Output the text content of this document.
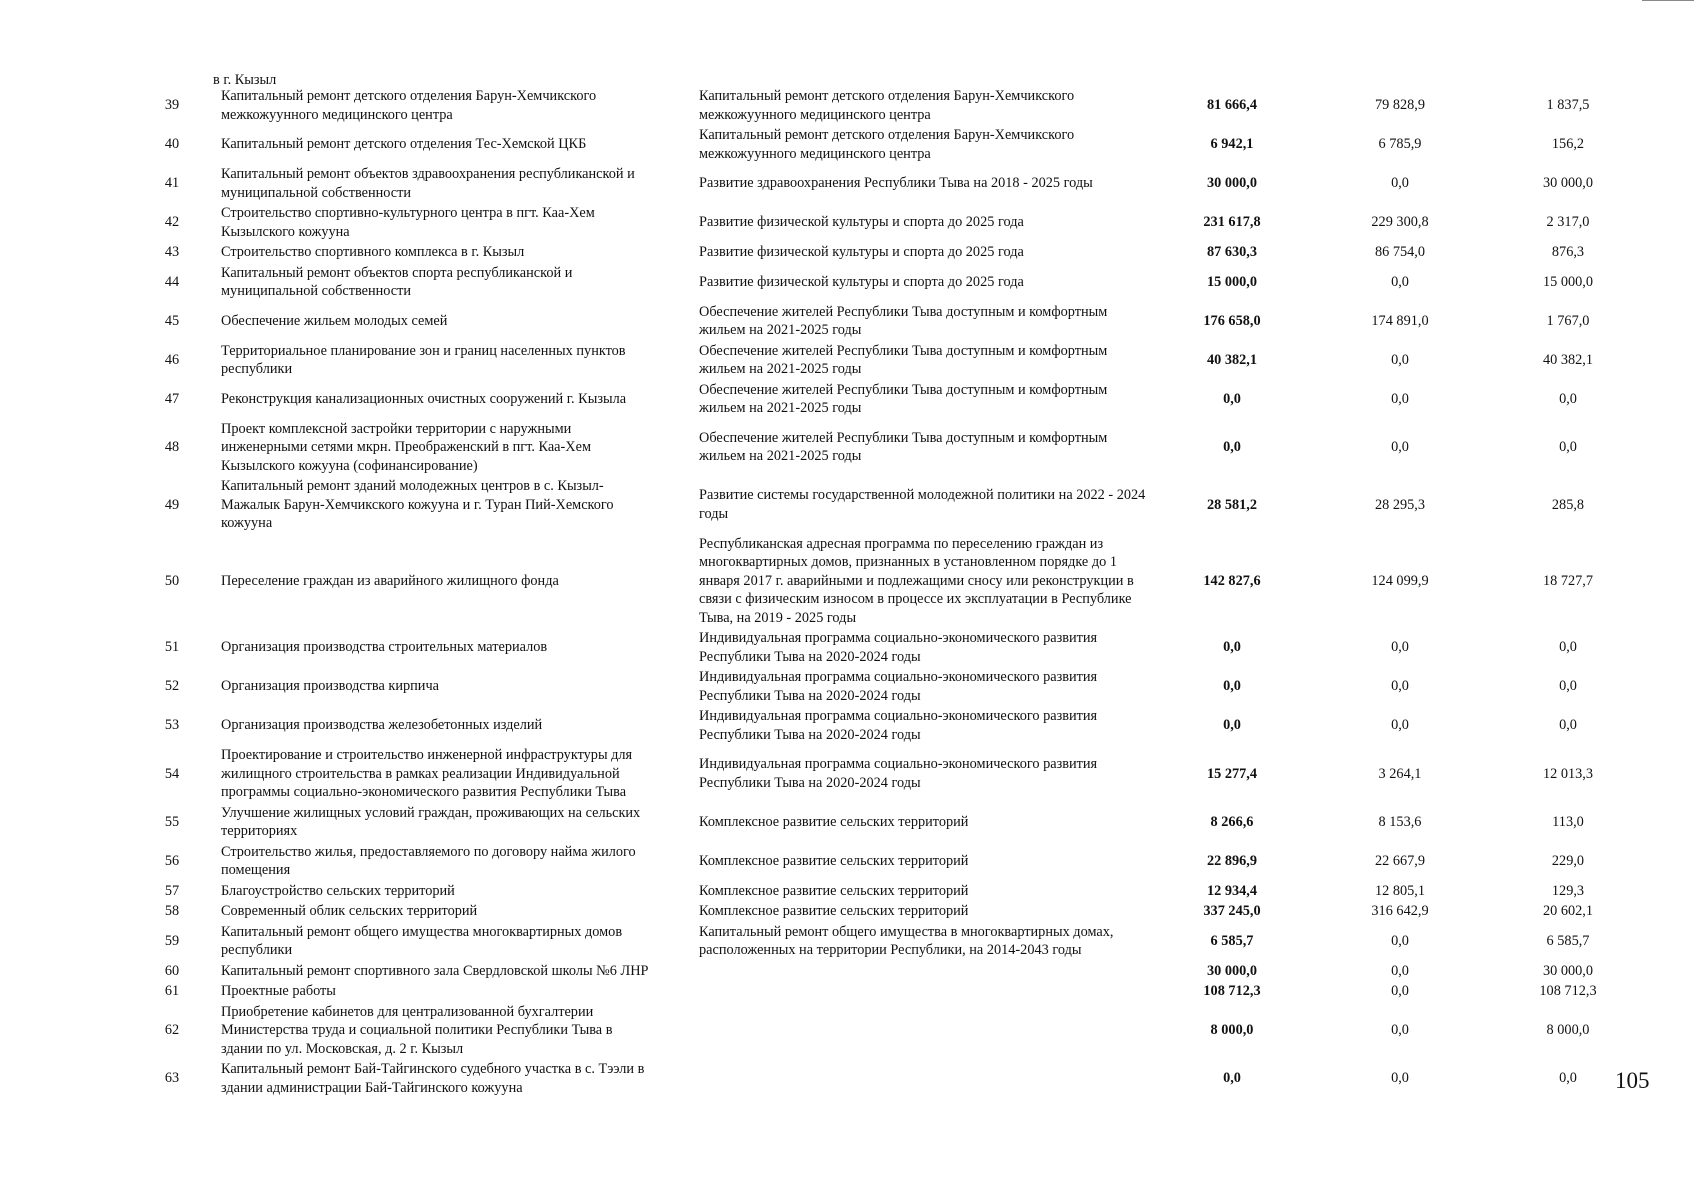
в г. Кызыл
39	Капитальный ремонт детского отделения Барун-Хемчикского межкожуунного медицинского центра	Капитальный ремонт детского отделения Барун-Хемчикского межкожуунного медицинского центра	81 666,4	79 828,9	1 837,5
40	Капитальный ремонт детского отделения Тес-Хемской ЦКБ	Капитальный ремонт детского отделения Барун-Хемчикского межкожуунного медицинского центра	6 942,1	6 785,9	156,2
41	Капитальный ремонт объектов здравоохранения республиканской и муниципальной собственности	Развитие здравоохранения Республики Тыва на 2018 - 2025 годы	30 000,0	0,0	30 000,0
42	Строительство спортивно-культурного центра в пгт. Каа-Хем Кызылского кожууна	Развитие физической культуры и спорта до 2025 года	231 617,8	229 300,8	2 317,0
43	Строительство спортивного комплекса в г. Кызыл	Развитие физической культуры и спорта до 2025 года	87 630,3	86 754,0	876,3
44	Капитальный ремонт объектов спорта республиканской и муниципальной собственности	Развитие физической культуры и спорта до 2025 года	15 000,0	0,0	15 000,0
45	Обеспечение жильем молодых семей	Обеспечение жителей Республики Тыва доступным и комфортным жильем на 2021-2025 годы	176 658,0	174 891,0	1 767,0
46	Территориальное планирование зон и границ населенных пунктов республики	Обеспечение жителей Республики Тыва доступным и комфортным жильем на 2021-2025 годы	40 382,1	0,0	40 382,1
47	Реконструкция канализационных очистных сооружений г. Кызыла	Обеспечение жителей Республики Тыва доступным и комфортным жильем на 2021-2025 годы	0,0	0,0	0,0
48	Проект комплексной застройки территории с наружными инженерными сетями мкрн. Преображенский в пгт. Каа-Хем Кызылского кожууна (софинансирование)	Обеспечение жителей Республики Тыва доступным и комфортным жильем на 2021-2025 годы	0,0	0,0	0,0
49	Капитальный ремонт зданий молодежных центров в с. Кызыл-Мажалык Барун-Хемчикского кожууна и г. Туран Пий-Хемского кожууна	Развитие системы государственной молодежной политики на 2022 - 2024 годы	28 581,2	28 295,3	285,8
50	Переселение граждан из аварийного жилищного фонда	Республиканская адресная программа по переселению граждан из многоквартирных домов, признанных в установленном порядке до 1 января 2017 г. аварийными и подлежащими сносу или реконструкции в связи с физическим износом в процессе их эксплуатации в Республике Тыва, на 2019 - 2025 годы	142 827,6	124 099,9	18 727,7
51	Организация производства строительных материалов	Индивидуальная программа социально-экономического развития Республики Тыва на 2020-2024 годы	0,0	0,0	0,0
52	Организация производства кирпича	Индивидуальная программа социально-экономического развития Республики Тыва на 2020-2024 годы	0,0	0,0	0,0
53	Организация производства железобетонных изделий	Индивидуальная программа социально-экономического развития Республики Тыва на 2020-2024 годы	0,0	0,0	0,0
54	Проектирование и строительство инженерной инфраструктуры для жилищного строительства в рамках реализации Индивидуальной программы социально-экономического развития Республики Тыва	Индивидуальная программа социально-экономического развития Республики Тыва на 2020-2024 годы	15 277,4	3 264,1	12 013,3
55	Улучшение жилищных условий граждан, проживающих на сельских территориях	Комплексное развитие сельских территорий	8 266,6	8 153,6	113,0
56	Строительство жилья, предоставляемого по договору найма жилого помещения	Комплексное развитие сельских территорий	22 896,9	22 667,9	229,0
57	Благоустройство сельских территорий	Комплексное развитие сельских территорий	12 934,4	12 805,1	129,3
58	Современный облик сельских территорий	Комплексное развитие сельских территорий	337 245,0	316 642,9	20 602,1
59	Капитальный ремонт общего имущества многоквартирных домов республики	Капитальный ремонт общего имущества в многоквартирных домах, расположенных на территории Республики, на 2014-2043 годы	6 585,7	0,0	6 585,7
60	Капитальный ремонт спортивного зала Свердловской школы №6 ЛНР		30 000,0	0,0	30 000,0
61	Проектные работы		108 712,3	0,0	108 712,3
62	Приобретение кабинетов для централизованной бухгалтерии Министерства труда и социальной политики Республики Тыва в здании по ул. Московская, д. 2 г. Кызыл		8 000,0	0,0	8 000,0
63	Капитальный ремонт Бай-Тайгинского судебного участка в с. Тээли в здании администрации Бай-Тайгинского кожууна		0,0	0,0	0,0 105
